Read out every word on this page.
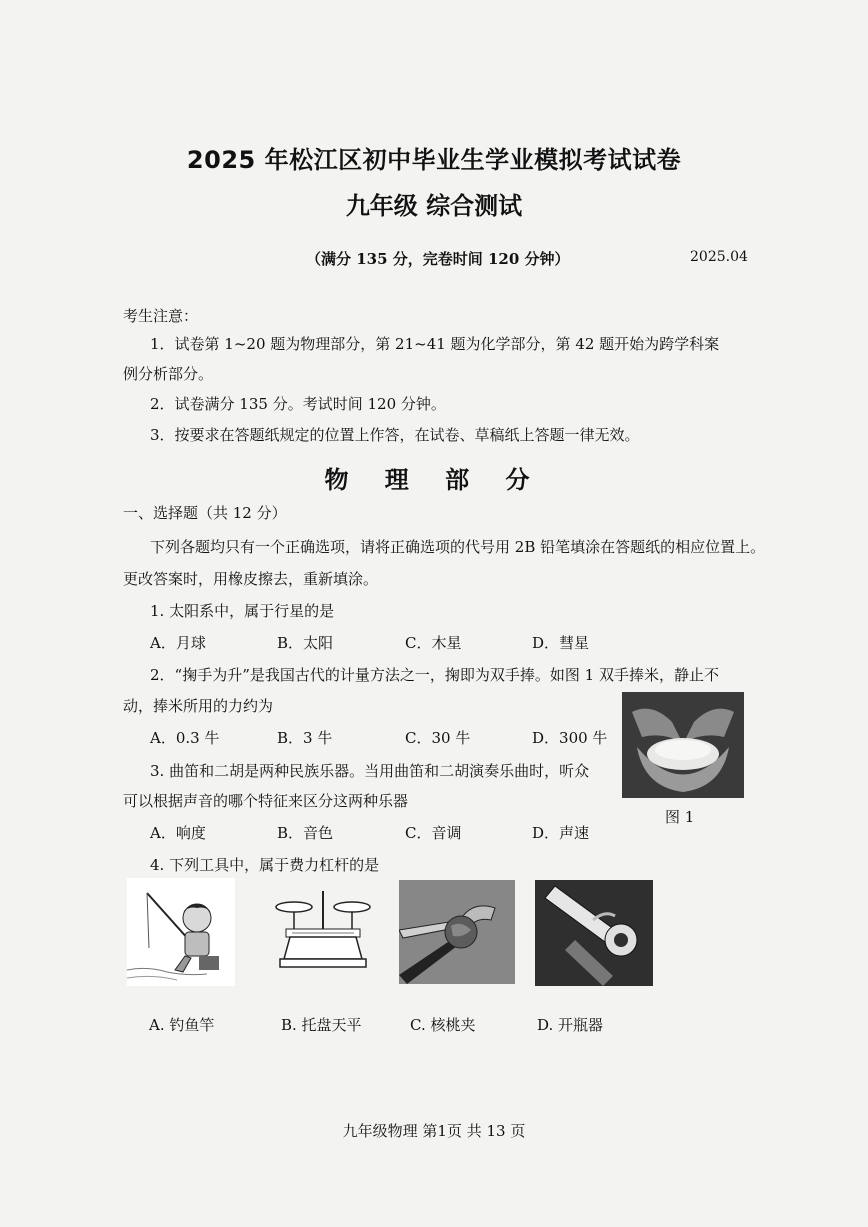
2025 年松江区初中毕业生学业模拟考试试卷
九年级 综合测试
（满分 135 分，完卷时间 120 分钟）	2025.04
考生注意：
1．试卷第 1~20 题为物理部分，第 21~41 题为化学部分，第 42 题开始为跨学科案
例分析部分。
2．试卷满分 135 分。考试时间 120 分钟。
3．按要求在答题纸规定的位置上作答，在试卷、草稿纸上答题一律无效。
物 理 部 分
一、选择题（共 12 分）
下列各题均只有一个正确选项，请将正确选项的代号用 2B 铅笔填涂在答题纸的相应位置上。
更改答案时，用橡皮擦去，重新填涂。
1. 太阳系中，属于行星的是
A．月球	B．太阳	C．木星	D．彗星
2．“掬手为升”是我国古代的计量方法之一，掬即为双手捧。如图 1 双手捧米，静止不
动，捧米所用的力约为
A．0.3 牛	B．3 牛	C．30 牛	D．300 牛
图 1
3. 曲笛和二胡是两种民族乐器。当用曲笛和二胡演奏乐曲时，听众
可以根据声音的哪个特征来区分这两种乐器
A．响度	B．音色	C．音调	D．声速
4. 下列工具中，属于费力杠杆的是
A. 钓鱼竿	B. 托盘天平	C. 核桃夹	D. 开瓶器
九年级物理 第1页 共 13 页
